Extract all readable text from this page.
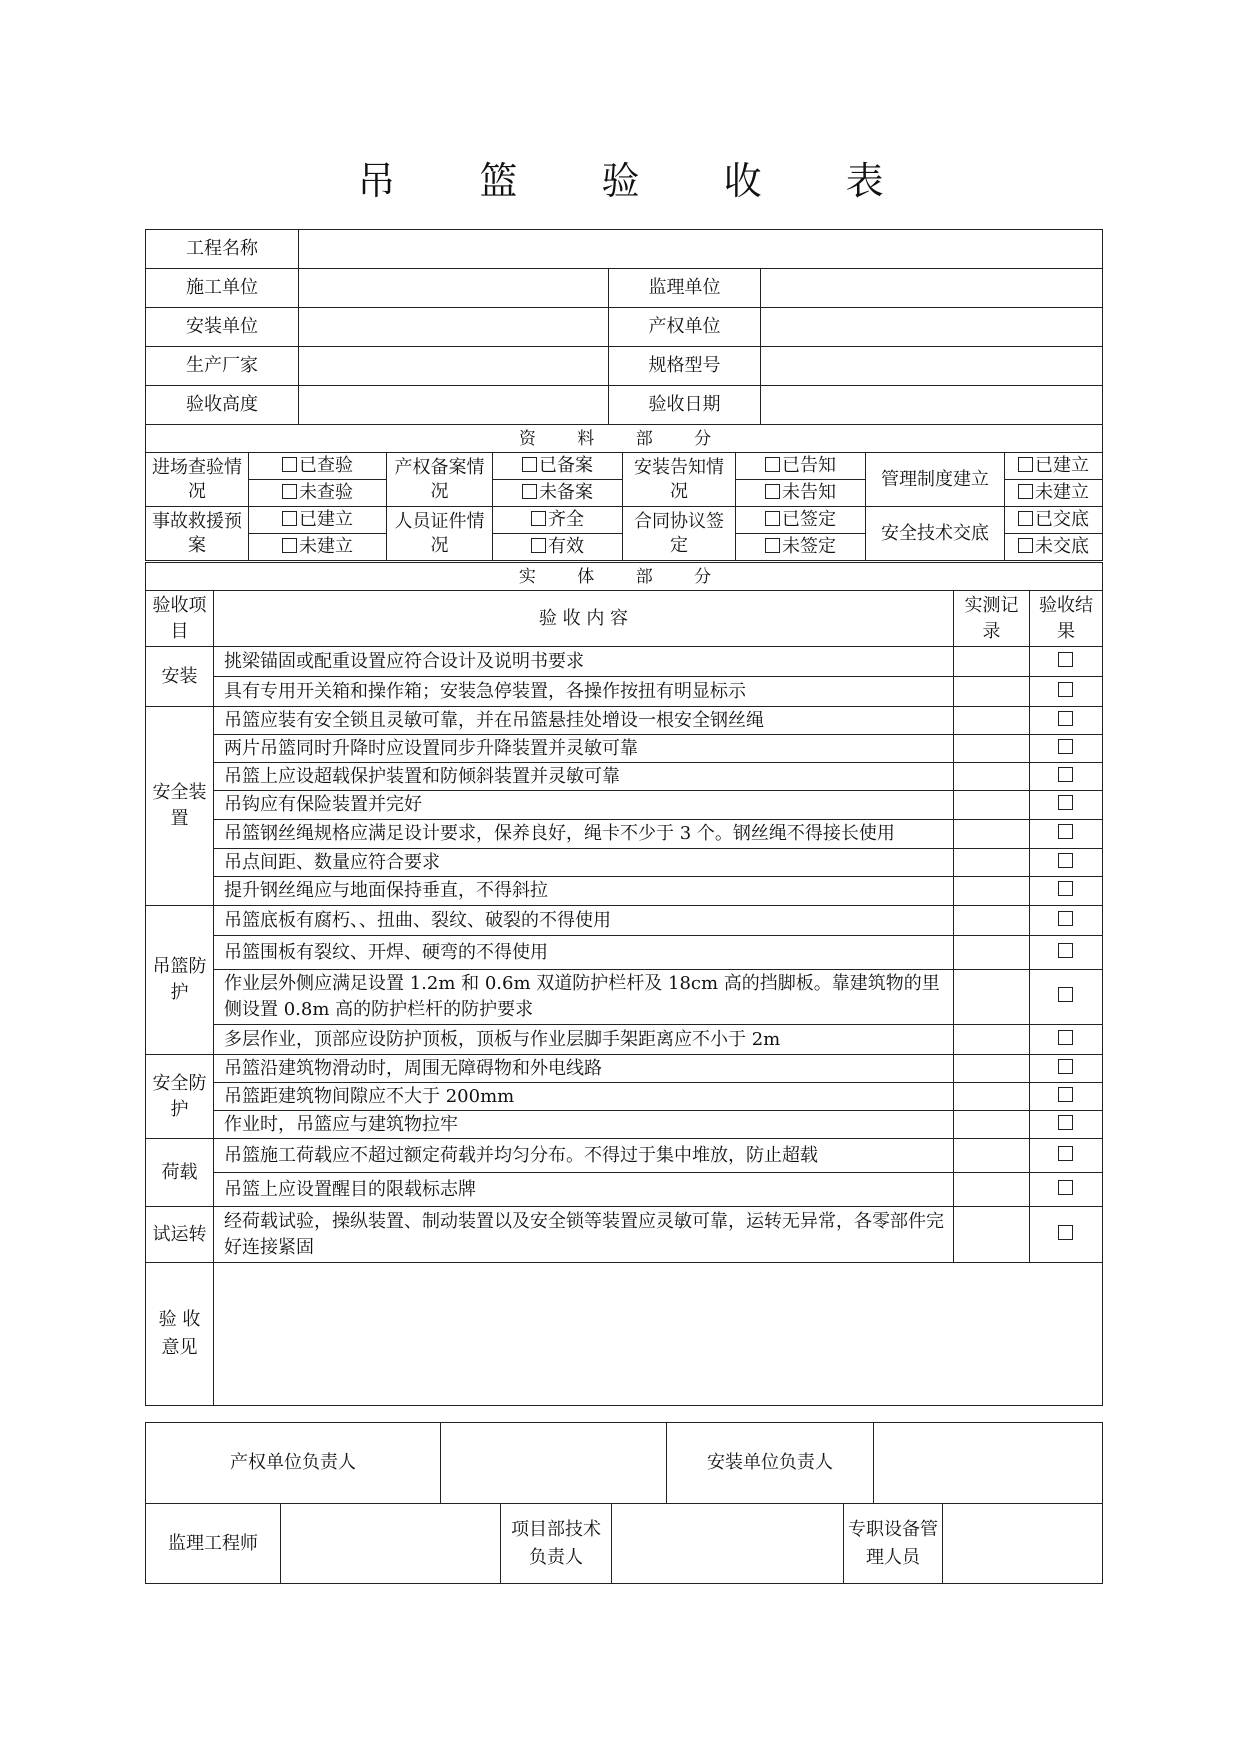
吊 篮 验 收 表
工程名称			
施工单位		监理单位	
安装单位		产权单位	
生产厂家		规格型号	
验收高度		验收日期	
资 料 部 分							
进场查验情况	已查验	产权备案情况	已备案	安装告知情况	已告知	管理制度建立	已建立
	未查验		未备案		未告知		未建立
事故救援预案	已建立	人员证件情况	齐全	合同协议签定	已签定	安全技术交底	已交底
	未建立		有效		未签定		未交底
实 体 部 分			
验收项目	验 收 内 容	实测记录	验收结果
安装	挑梁锚固或配重设置应符合设计及说明书要求		
	具有专用开关箱和操作箱；安装急停装置，各操作按扭有明显标示		
安全装置	吊篮应装有安全锁且灵敏可靠，并在吊篮悬挂处增设一根安全钢丝绳		
	两片吊篮同时升降时应设置同步升降装置并灵敏可靠		
	吊篮上应设超载保护装置和防倾斜装置并灵敏可靠		
	吊钩应有保险装置并完好		
	吊篮钢丝绳规格应满足设计要求，保养良好，绳卡不少于 3 个。钢丝绳不得接长使用		
	吊点间距、数量应符合要求		
	提升钢丝绳应与地面保持垂直，不得斜拉		
吊篮防护	吊篮底板有腐朽、、扭曲、裂纹、破裂的不得使用		
	吊篮围板有裂纹、开焊、硬弯的不得使用		
	作业层外侧应满足设置 1.2m 和 0.6m 双道防护栏杆及 18cm 高的挡脚板。靠建筑物的里侧设置 0.8m 高的防护栏杆的防护要求		
	多层作业，顶部应设防护顶板，顶板与作业层脚手架距离应不小于 2m		
安全防护	吊篮沿建筑物滑动时，周围无障碍物和外电线路		
	吊篮距建筑物间隙应不大于 200mm		
	作业时，吊篮应与建筑物拉牢		
荷载	吊篮施工荷载应不超过额定荷载并均匀分布。不得过于集中堆放，防止超载		
	吊篮上应设置醒目的限载标志牌		
试运转	经荷载试验，操纵装置、制动装置以及安全锁等装置应灵敏可靠，运转无异常，各零部件完好连接紧固		
验 收意见			
产权单位负责人		安装单位负责人	
监理工程师		项目部技术负责人		专职设备管理人员	
